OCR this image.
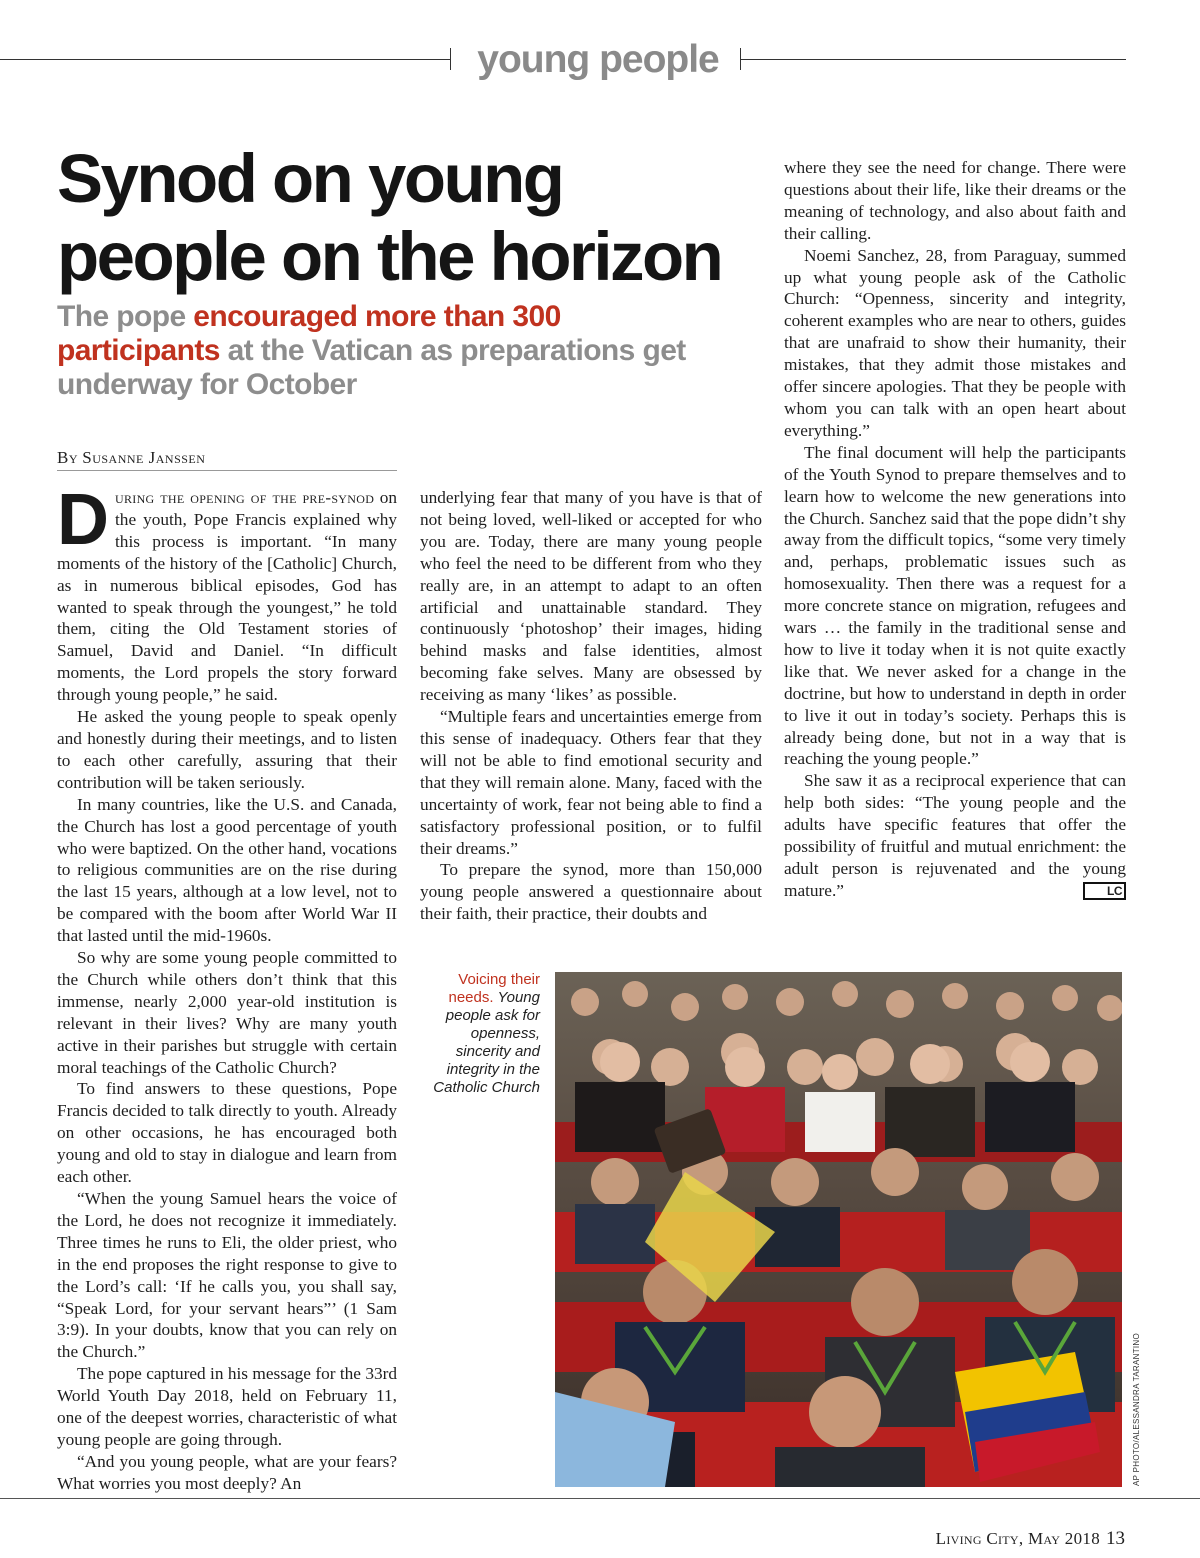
young people
Synod on young
people on the horizon
The pope encouraged more than 300 participants at the Vatican as preparations get underway for October
By Susanne Janssen

During the opening of the pre-synod on the youth, Pope Francis explained why this process is important. “In many moments of the history of the [Catholic] Church, as in numerous biblical episodes, God has wanted to speak through the youngest,” he told them, citing the Old Testament stories of Samuel, David and Daniel. “In difficult moments, the Lord propels the story forward through young people,” he said.

He asked the young people to speak openly and honestly during their meetings, and to listen to each other carefully, assuring that their contribution will be taken seriously.

In many countries, like the U.S. and Canada, the Church has lost a good percentage of youth who were baptized. On the other hand, vocations to religious communities are on the rise during the last 15 years, although at a low level, not to be compared with the boom after World War II that lasted until the mid-1960s.

So why are some young people committed to the Church while others don’t think that this immense, nearly 2,000 year-old institution is relevant in their lives? Why are many youth active in their parishes but struggle with certain moral teachings of the Catholic Church?

To find answers to these questions, Pope Francis decided to talk directly to youth. Already on other occasions, he has encouraged both young and old to stay in dialogue and learn from each other.

“When the young Samuel hears the voice of the Lord, he does not recognize it immediately. Three times he runs to Eli, the older priest, who in the end proposes the right response to give to the Lord’s call: ‘If he calls you, you shall say, “Speak Lord, for your servant hears”’ (1 Sam 3:9). In your doubts, know that you can rely on the Church.”

The pope captured in his message for the 33rd World Youth Day 2018, held on February 11, one of the deepest worries, characteristic of what young people are going through.

“And you young people, what are your fears? What worries you most deeply? An

underlying fear that many of you have is that of not being loved, well-liked or accepted for who you are. Today, there are many young people who feel the need to be different from who they really are, in an attempt to adapt to an often artificial and unattainable standard. They continuously ‘photoshop’ their images, hiding behind masks and false identities, almost becoming fake selves. Many are obsessed by receiving as many ‘likes’ as possible.

“Multiple fears and uncertainties emerge from this sense of inadequacy. Others fear that they will not be able to find emotional security and that they will remain alone. Many, faced with the uncertainty of work, fear not being able to find a satisfactory professional position, or to fulfil their dreams.”

To prepare the synod, more than 150,000 young people answered a questionnaire about their faith, their practice, their doubts and

where they see the need for change. There were questions about their life, like their dreams or the meaning of technology, and also about faith and their calling.

Noemi Sanchez, 28, from Paraguay, summed up what young people ask of the Catholic Church: “Openness, sincerity and integrity, coherent examples who are near to others, guides that are unafraid to show their humanity, their mistakes, that they admit those mistakes and offer sincere apologies. That they be people with whom you can talk with an open heart about everything.”

The final document will help the participants of the Youth Synod to prepare themselves and to learn how to welcome the new generations into the Church. Sanchez said that the pope didn’t shy away from the difficult topics, “some very timely and, perhaps, problematic issues such as homosexuality. Then there was a request for a more concrete stance on migration, refugees and wars … the family in the traditional sense and how to live it today when it is not quite exactly like that. We never asked for a change in the doctrine, but how to understand in depth in order to live it out in today’s society. Perhaps this is already being done, but not in a way that is reaching the young people.”

She saw it as a reciprocal experience that can help both sides: “The young people and the adults have specific features that offer the possibility of fruitful and mutual enrichment: the adult person is rejuvenated and the young mature.”	LC

Voicing their needs. Young people ask for openness, sincerity and integrity in the Catholic Church
AP PHOTO/ALESSANDRA TARANTINO
Living City, May 2018 13
